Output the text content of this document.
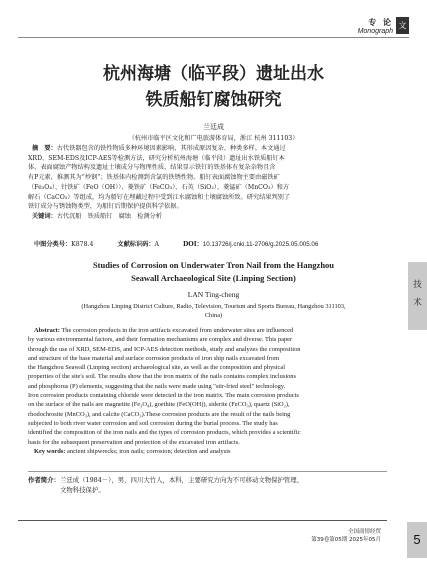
专 论
Monograph
文
杭州海塘（临平段）遗址出水
铁质船钉腐蚀研究
兰廷成
（杭州市临平区文化和广电旅游体育局，浙江 杭州 311103）
摘　要：古代铁器包含的铁性物质多种环境因素影响，其形成原因复杂、种类多样。本文通过
XRD、SEM-EDS及ICP-AES等检测方法，研究分析杭州海塘（临平段）遗址出水铁质船钉本
体、表面腐蚀产物结构及遗址土壤成分与物理性质，结果显示铁钉的铁基体有复杂杂物且含
有P元素，推测其为“炒钢”；铁基体内检测到含氯的铁锈性物。船钉表面腐蚀物主要由磁铁矿
（Fe₃O₄）、针铁矿（FeO（OH））、菱铁矿（FeCO₃）、石英（SiO₂）、菱锰矿（MnCO₃）和方
解石（CaCO₃）等组成，均为船钉在埋藏过程中受到江水腐蚀和土壤腐蚀所致。研究结果判别了
铁钉成分与锈蚀物类型，为船钉后期保护提供科学依据。
关键词：古代沉船　铁质船钉　腐蚀　检测分析
中图分类号：K878.4	文献标识码：A	DOI：10.13726/j.cnki.11-2706/g.2025.05.005.06
Studies of Corrosion on Underwater Tron Nail from the Hangzhou
Seawall Archaeological Site (Linping Section)
LAN Ting-cheng
(Hangzhou Linping District Culture, Radio, Television, Tourism and Sports Bureau, Hangzhou 311103,
China)
Abstract: The corrosion products in the iron artifacts excavated from underwater sites are influenced
by various environmental factors, and their formation mechanisms are complex and diverse. This paper
through the use of XRD, SEM-EDS, and ICP-AES detection methods, study and analyzes the composition
and structure of the base material and surface corrosion products of iron ship nails excavated from
the Hangzhou Seawall (Linping section) archaeological site, as well as the composition and physical
properties of the site's soil. The results show that the iron matrix of the nails contains complex inclusions
and phosphorus (P) elements, suggesting that the nails were made using "stir-fried steel" technology.
Iron corrosion products containing chloride were detected in the iron matrix. The main corrosion products
on the surface of the nails are magnetite (Fe₃O₄), goethite (FeO(OH)), siderite (FeCO₃), quartz (SiO₂),
rhodochrosite (MnCO₃), and calcite (CaCO₃).These corrosion products are the result of the nails being
subjected to both river water corrosion and soil corrosion during the burial process. The study has
identified the composition of the iron nails and the types of corrosion products, which provides a scientific
basis for the subsequent preservation and protection of the excavated iron artifacts.
Key words: ancient shipwrecks; iron nails; corrosion; detection and analysis
作者简介：兰廷成（1984－），男，四川大竹人，本科，主要研究方向为不可移动文物保护管理、
文物科技保护。
技
术
全国商情经贸
第39卷第05期 2025年05月	5
